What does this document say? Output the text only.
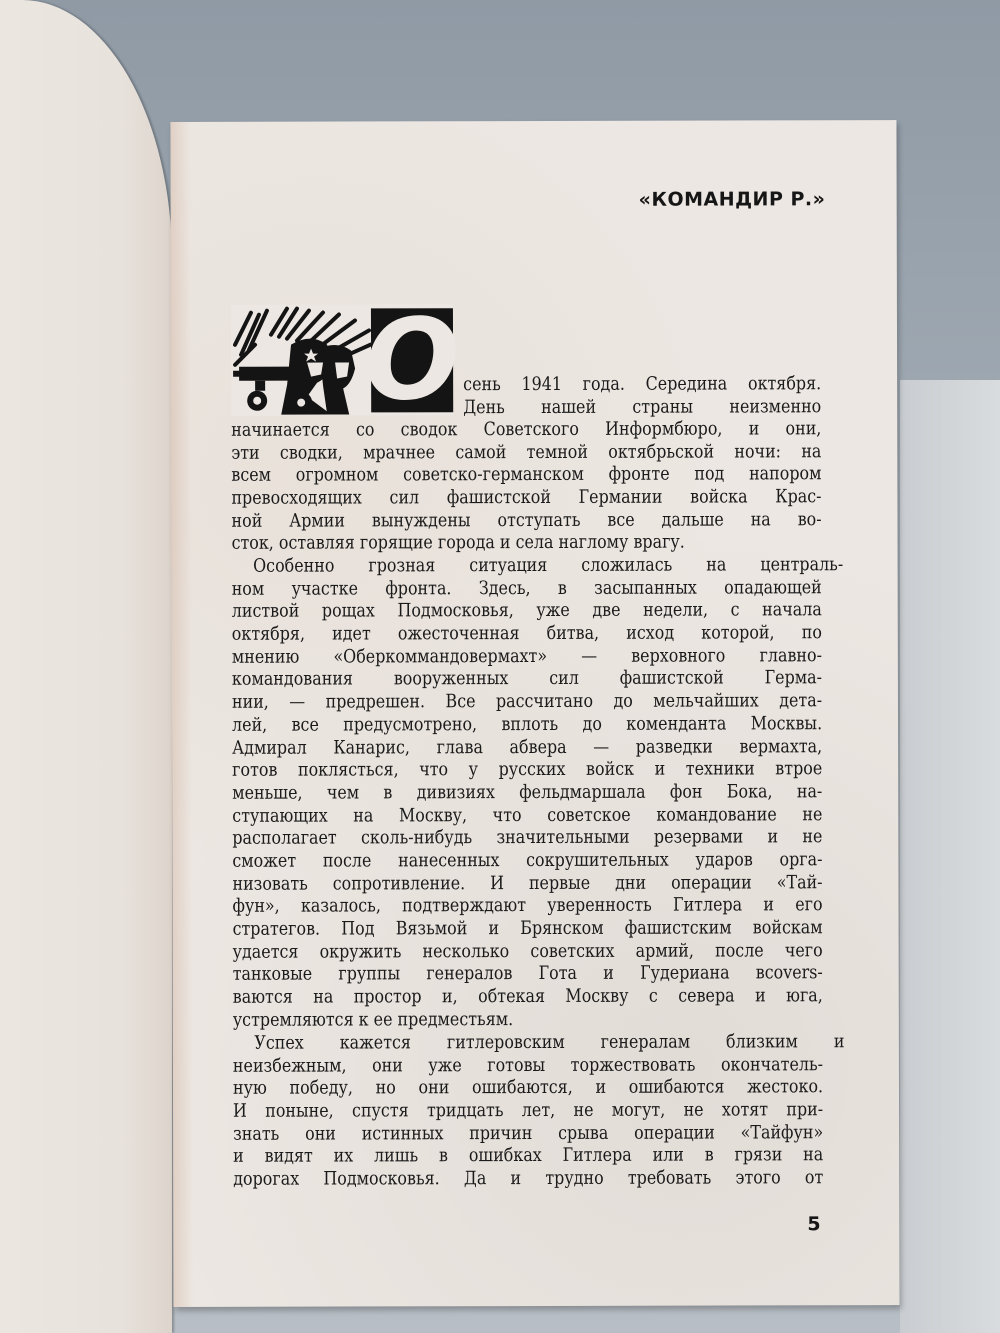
«КОМАНДИР Р.»
О сень 1941 года. Середина октября.
День нашей страны неизменно
начинается со сводок Советского Информбюро, и они,
эти сводки, мрачнее самой темной октябрьской ночи: на
всем огромном советско-германском фронте под напором
превосходящих сил фашистской Германии войска Крас-
ной Армии вынуждены отступать все дальше на во-
сток, оставляя горящие города и села наглому врагу.
Особенно грозная ситуация сложилась на централь-
ном участке фронта. Здесь, в засыпанных опадающей
листвой рощах Подмосковья, уже две недели, с начала
октября, идет ожесточенная битва, исход которой, по
мнению «Оберкоммандовермахт» — верховного главно-
командования вооруженных сил фашистской Герма-
нии, — предрешен. Все рассчитано до мельчайших дета-
лей, все предусмотрено, вплоть до коменданта Москвы.
Адмирал Канарис, глава абвера — разведки вермахта,
готов поклясться, что у русских войск и техники втрое
меньше, чем в дивизиях фельдмаршала фон Бока, на-
ступающих на Москву, что советское командование не
располагает сколь-нибудь значительными резервами и не
сможет после нанесенных сокрушительных ударов орга-
низовать сопротивление. И первые дни операции «Тай-
фун», казалось, подтверждают уверенность Гитлера и его
стратегов. Под Вязьмой и Брянском фашистским войскам
удается окружить несколько советских армий, после чего
танковые группы генералов Гота и Гудериана вcovers-
ваются на простор и, обтекая Москву с севера и юга,
устремляются к ее предместьям.
Успех кажется гитлеровским генералам близким и
неизбежным, они уже готовы торжествовать окончатель-
ную победу, но они ошибаются, и ошибаются жестоко.
И поныне, спустя тридцать лет, не могут, не хотят при-
знать они истинных причин срыва операции «Тайфун»
и видят их лишь в ошибках Гитлера или в грязи на
дорогах Подмосковья. Да и трудно требовать этого от
5
